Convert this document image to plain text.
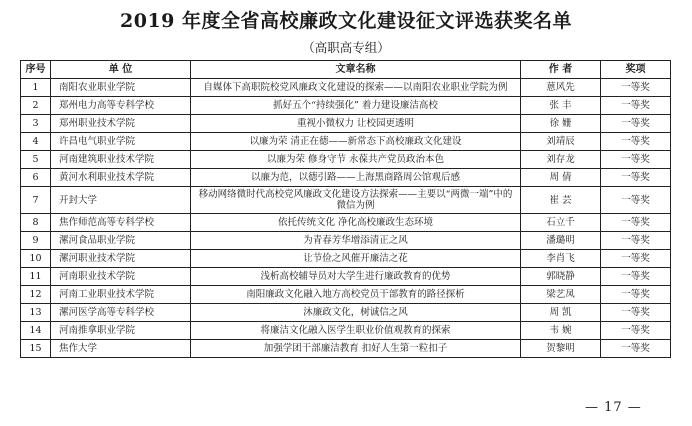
2019 年度全省高校廉政文化建设征文评选获奖名单
（高职高专组）
序号	单 位	文章名称	作 者	奖项
1	南阳农业职业学院	自媒体下高职院校党风廉政文化建设的探索——以南阳农业职业学院为例	蒽风先	一等奖
2	郑州电力高等专科学校	抓好五个“持续强化” 着力建设廉洁高校	张 丰	一等奖
3	郑州职业技术学院	重视小微权力 让校园更透明	徐 姗	一等奖
4	许昌电气职业学院	以廉为荣 清正在德——新常态下高校廉政文化建设	刘靖辰	一等奖
5	河南建筑职业技术学院	以廉为荣 修身守节 永葆共产党员政治本色	刘存龙	一等奖
6	黄河水利职业技术学院	以廉为范，以德引路——上海黑商路周公馆观后感	周 倩	一等奖
7	开封大学	移动网络微时代高校党风廉政文化建设方法探索——主要以“两微一端”中的微信为例	崔 芸	一等奖
8	焦作师范高等专科学校	依托传统文化 净化高校廉政生态环境	石立千	一等奖
9	漯河食品职业学院	为青春芳华增添清正之风	潘璐明	一等奖
10	漯河职业技术学院	让节俭之风催开廉洁之花	李肖飞	一等奖
11	河南职业技术学院	浅析高校辅导员对大学生进行廉政教育的优势	郭晓静	一等奖
12	河南工业职业技术学院	南阳廉政文化融入地方高校党员干部教育的路径探析	梁艺凤	一等奖
13	漯河医学高等专科学校	沐廉政文化，树诚信之风	周 凯	一等奖
14	河南推拿职业学院	将廉洁文化融入医学生职业价值观教育的探索	韦 婉	一等奖
15	焦作大学	加强学团干部廉洁教育 扣好人生第一粒扣子	贺黎明	一等奖
— 17 —
